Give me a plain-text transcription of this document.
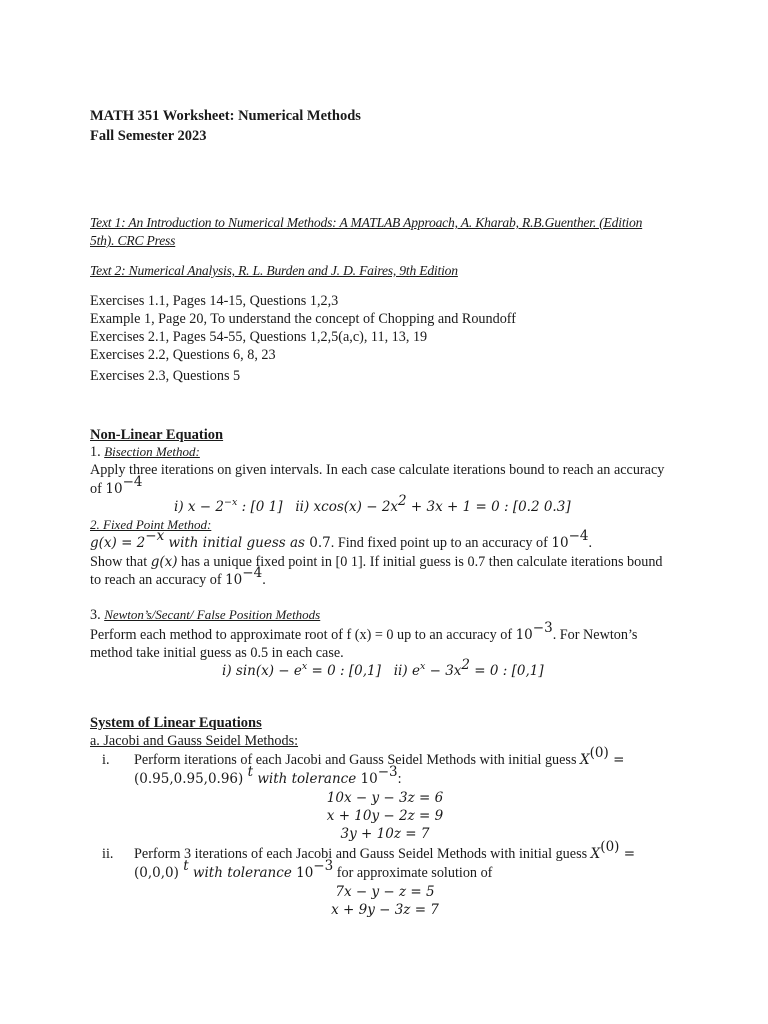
MATH 351 Worksheet: Numerical Methods
Fall Semester 2023
Text 1: An Introduction to Numerical Methods: A MATLAB Approach, A. Kharab, R.B.Guenther. (Edition
5th). CRC Press
Text 2: Numerical Analysis, R. L. Burden and J. D. Faires, 9th Edition
Exercises 1.1, Pages 14-15, Questions 1,2,3
Example 1, Page 20, To understand the concept of Chopping and Roundoff
Exercises 2.1, Pages 54-55, Questions 1,2,5(a,c), 11, 13, 19
Exercises 2.2, Questions 6, 8, 23
Exercises 2.3, Questions 5
Non-Linear Equation
1. Bisection Method:
Apply three iterations on given intervals. In each case calculate iterations bound to reach an accuracy
of $10^{-4}$
i) $x - 2^{-x}$ : [0 1] ii) $xcos(x) - 2x^2 + 3x + 1 = 0$ : [0.2 0.3]
2. Fixed Point Method:
$g(x) = 2^{-x}$ with initial guess as 0.7. Find fixed point up to an accuracy of $10^{-4}$.
Show that g(x) has a unique fixed point in [0 1]. If initial guess is 0.7 then calculate iterations bound
to reach an accuracy of $10^{-4}$.
3. Newton’s/Secant/ False Position Methods
Perform each method to approximate root of f (x) = 0 up to an accuracy of $10^{-3}$. For Newton’s
method take initial guess as 0.5 in each case.
i) $\sin(x) - e^x = 0$ : [0,1] ii) $e^x - 3x^2 = 0$ : [0,1]
System of Linear Equations
a. Jacobi and Gauss Seidel Methods:
i.	Perform iterations of each Jacobi and Gauss Seidel Methods with initial guess $X^{(0)}$ =
(0.95,0.95,0.96) $^t$ with tolerance $10^{-3}$:
10x − y − 3z = 6
x + 10y − 2z = 9
3y + 10z = 7
ii.	Perform 3 iterations of each Jacobi and Gauss Seidel Methods with initial guess $X^{(0)}$ =
(0,0,0) $^t$ with tolerance $10^{-3}$ for approximate solution of
7x − y − z = 5
x + 9y − 3z = 7
